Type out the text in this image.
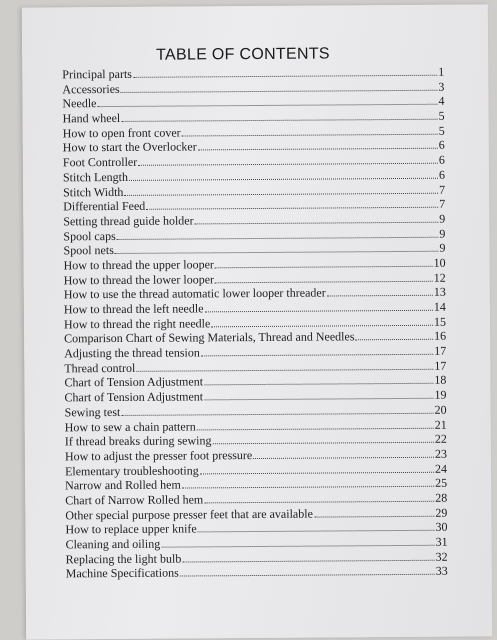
TABLE OF CONTENTS
Principal parts	1
Accessories	3
Needle	4
Hand wheel	5
How to open front cover	5
How to start the Overlocker	6
Foot Controller	6
Stitch Length	6
Stitch Width	7
Differential Feed	7
Setting thread guide holder	9
Spool caps	9
Spool nets	9
How to thread the upper looper	10
How to thread the lower looper	12
How to use the thread automatic lower looper threader	13
How to thread the left needle	14
How to thread the right needle	15
Comparison Chart of Sewing Materials, Thread and Needles	16
Adjusting the thread tension	17
Thread control	17
Chart of Tension Adjustment	18
Chart of Tension Adjustment	19
Sewing test	20
How to sew a chain pattern	21
If thread breaks during sewing	22
How to adjust the presser foot pressure	23
Elementary troubleshooting	24
Narrow and Rolled hem	25
Chart of Narrow Rolled hem	28
Other special purpose presser feet that are available	29
How to replace upper knife	30
Cleaning and oiling	31
Replacing the light bulb	32
Machine Specifications	33
